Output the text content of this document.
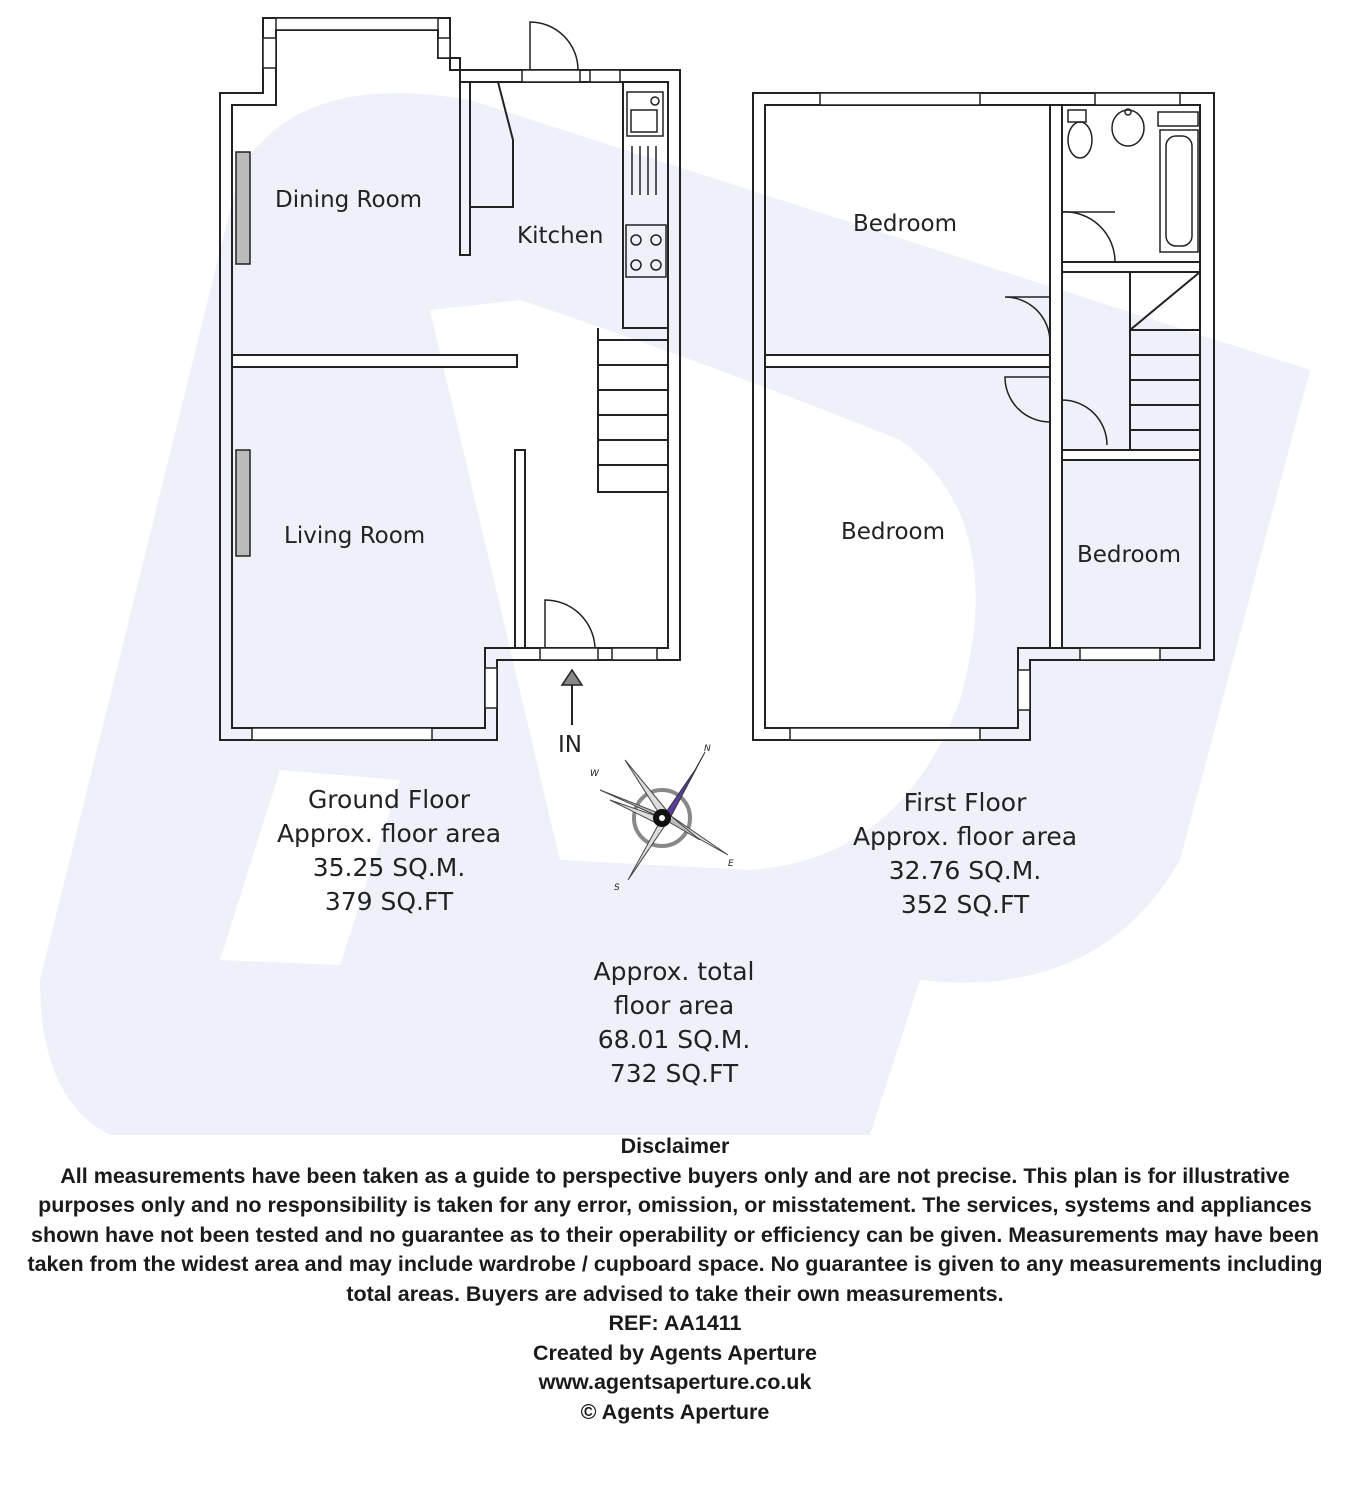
IN
Dining Room
Kitchen
Living Room
Bedroom
Bedroom
Bedroom
N
E
S
W
Ground Floor
Approx. floor area
35.25 SQ.M.
379 SQ.FT
First Floor
Approx. floor area
32.76 SQ.M.
352 SQ.FT
Approx. total
floor area
68.01 SQ.M.
732 SQ.FT
Disclaimer
All measurements have been taken as a guide to perspective buyers only and are not precise. This plan is for illustrative purposes only and no responsibility is taken for any error, omission, or misstatement. The services, systems and appliances shown have not been tested and no guarantee as to their operability or efficiency can be given. Measurements may have been taken from the widest area and may include wardrobe / cupboard space. No guarantee is given to any measurements including total areas. Buyers are advised to take their own measurements.
REF: AA1411
Created by Agents Aperture
www.agentsaperture.co.uk
© Agents Aperture
